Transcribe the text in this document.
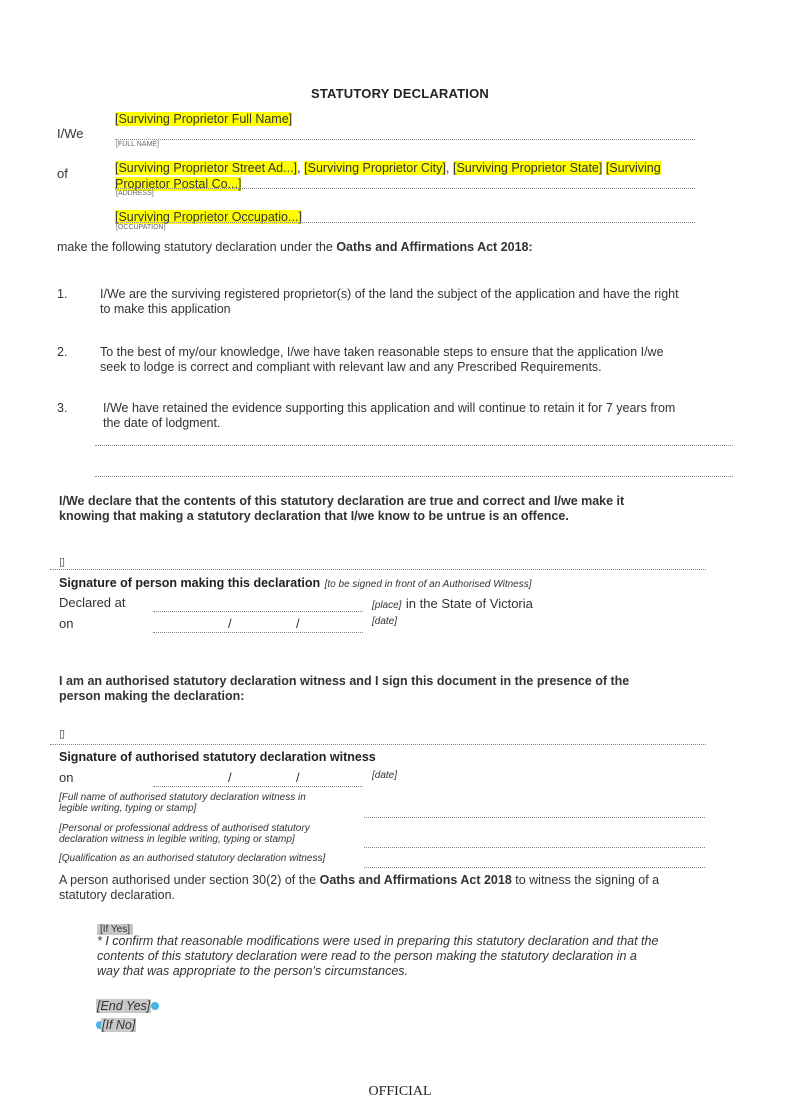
STATUTORY DECLARATION
I/We
[Surviving Proprietor Full Name]
[FULL NAME]
of	[Surviving Proprietor Street Ad...], [Surviving Proprietor City], [Surviving Proprietor State] [Surviving
Proprietor Postal Co...]
[ADDRESS]
[Surviving Proprietor Occupatio...]
[OCCUPATION]
make the following statutory declaration under the Oaths and Affirmations Act 2018:
1.	I/We are the surviving registered proprietor(s) of the land the subject of the application and have the right
to make this application
2.	To the best of my/our knowledge, I/we have taken reasonable steps to ensure that the application I/we
seek to lodge is correct and compliant with relevant law and any Prescribed Requirements.
3.	I/We have retained the evidence supporting this application and will continue to retain it for 7 years from
the date of lodgment.
I/We declare that the contents of this statutory declaration are true and correct and I/we make it
knowing that making a statutory declaration that I/we know to be untrue is an offence.
▯
Signature of person making this declaration [to be signed in front of an Authorised Witness]
Declared at	[place] in the State of Victoria
on	/	/	[date]
I am an authorised statutory declaration witness and I sign this document in the presence of the
person making the declaration:
▯
Signature of authorised statutory declaration witness
on	/	/	[date]
[Full name of authorised statutory declaration witness in
legible writing, typing or stamp]
[Personal or professional address of authorised statutory
declaration witness in legible writing, typing or stamp]
[Qualification as an authorised statutory declaration witness]
A person authorised under section 30(2) of the Oaths and Affirmations Act 2018 to witness the signing of a
statutory declaration.
[If Yes]
* I confirm that reasonable modifications were used in preparing this statutory declaration and that the
contents of this statutory declaration were read to the person making the statutory declaration in a
way that was appropriate to the person’s circumstances.
[End Yes]
[If No]
OFFICIAL
